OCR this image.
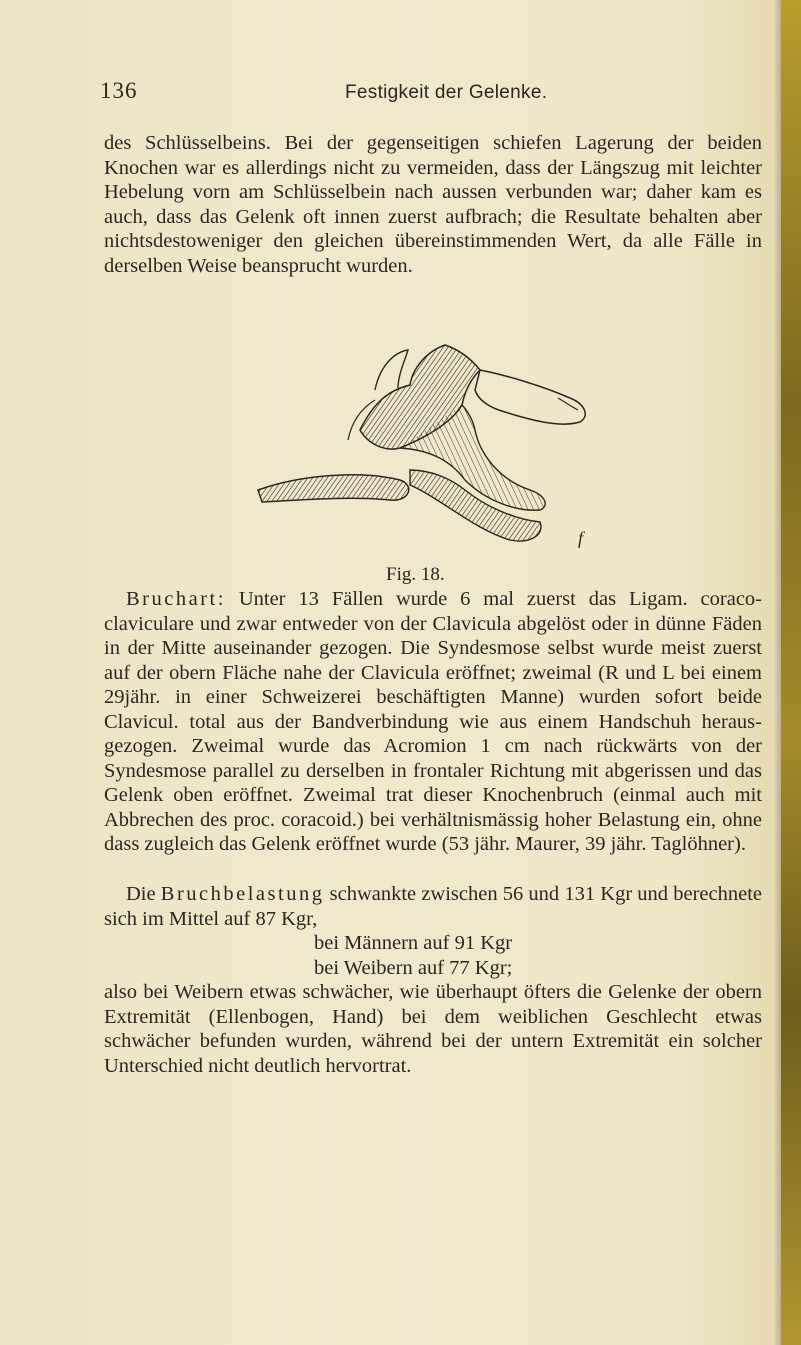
136	Festigkeit der Gelenke.

des Schlüsselbeins. Bei der gegenseitigen schiefen Lagerung der beiden Knochen war es allerdings nicht zu vermeiden, dass der Längszug mit leichter Hebelung vorn am Schlüsselbein nach aussen verbunden war; daher kam es auch, dass das Gelenk oft innen zuerst aufbrach; die Resultate behalten aber nichtsdestoweniger den gleichen übereinstimmenden Wert, da alle Fälle in derselben Weise beansprucht wurden.

f
Fig. 18.

Bruchart: Unter 13 Fällen wurde 6 mal zuerst das Ligam. coraco-claviculare und zwar entweder von der Clavicula abgelöst oder in dünne Fäden in der Mitte auseinander gezogen. Die Syndesmose selbst wurde meist zuerst auf der obern Fläche nahe der Clavicula eröffnet; zweimal (R und L bei einem 29jähr. in einer Schweizerei beschäftigten Manne) wurden sofort beide Clavicul. total aus der Bandverbindung wie aus einem Handschuh heraus-gezogen. Zweimal wurde das Acromion 1 cm nach rückwärts von der Syndesmose parallel zu derselben in frontaler Richtung mit abgerissen und das Gelenk oben eröffnet. Zweimal trat dieser Knochenbruch (einmal auch mit Abbrechen des proc. coracoid.) bei verhältnismässig hoher Belastung ein, ohne dass zugleich das Gelenk eröffnet wurde (53 jähr. Maurer, 39 jähr. Taglöhner).

Die Bruchbelastung schwankte zwischen 56 und 131 Kgr und berechnete sich im Mittel auf 87 Kgr,
bei Männern auf 91 Kgr
bei Weibern auf 77 Kgr;
also bei Weibern etwas schwächer, wie überhaupt öfters die Gelenke der obern Extremität (Ellenbogen, Hand) bei dem weiblichen Geschlecht etwas schwächer befunden wurden, während bei der untern Extremität ein solcher Unterschied nicht deutlich hervortrat.
